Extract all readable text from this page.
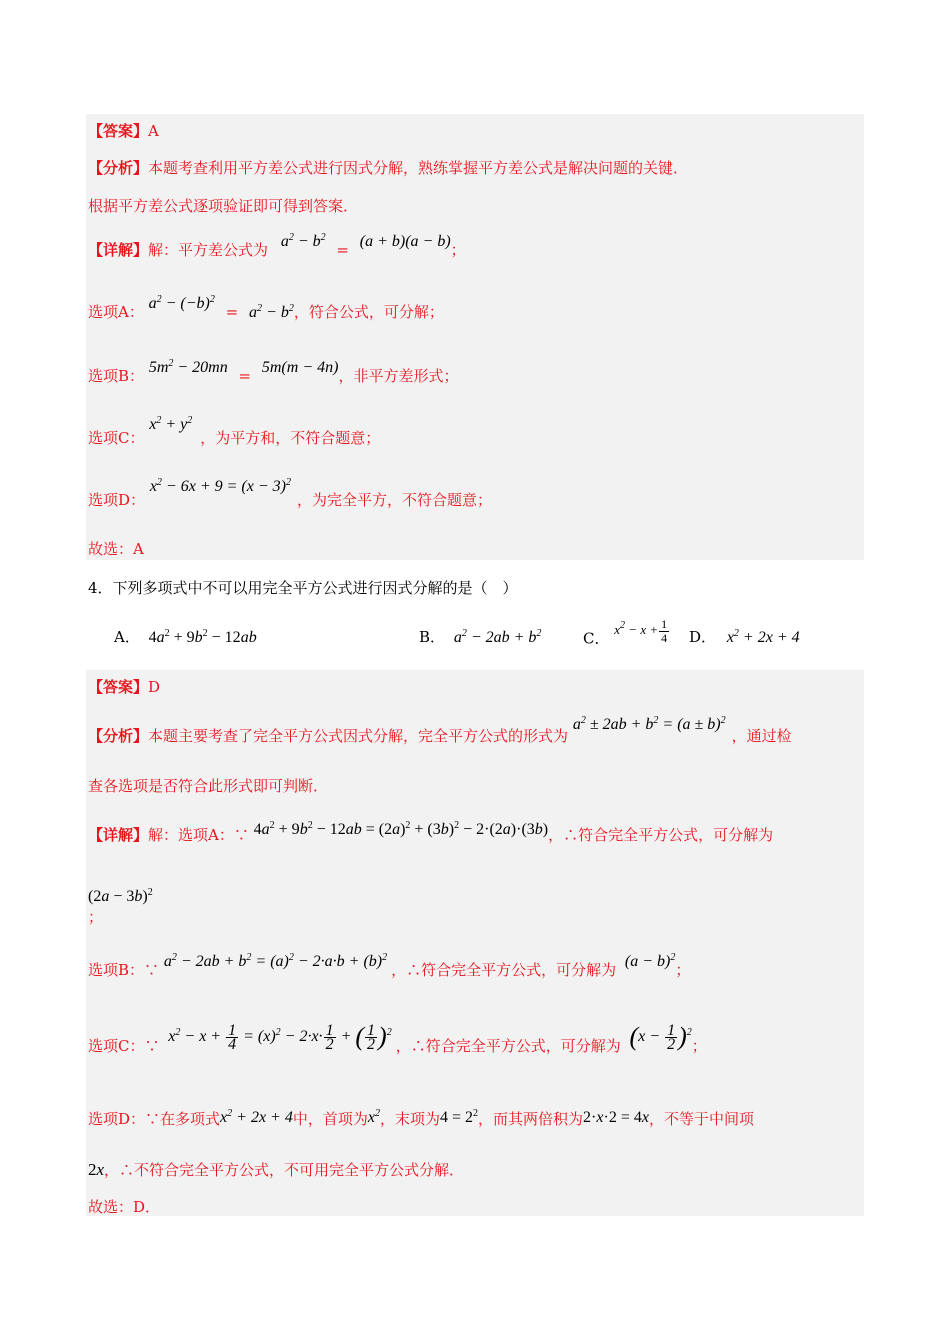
【答案】A
【分析】本题考查利用平方差公式进行因式分解，熟练掌握平方差公式是解决问题的关键．
根据平方差公式逐项验证即可得到答案．
【详解】解：平方差公式为 $a^2 - b^2 = (a + b)(a - b)$；
选项A： $a^2 - (-b)^2 = a^2 - b^2$，符合公式，可分解；
选项B： $5m^2 - 20mn = 5m(m - 4n)$，非平方差形式；
选项C： $x^2 + y^2$，为平方和，不符合题意；
选项D： $x^2 - 6x + 9 = (x - 3)^2$，为完全平方，不符合题意；
故选：A
4．下列多项式中不可以用完全平方公式进行因式分解的是（　）
A． $4a^2 + 9b^2 - 12ab$	B． $a^2 - 2ab + b^2$	C． $x^2 - x + \frac{1}{4}$ D． $x^2 + 2x + 4$
【答案】D
【分析】本题主要考查了完全平方公式因式分解，完全平方公式的形式为 $a^2 \pm 2ab + b^2 = (a \pm b)^2$，通过检
查各选项是否符合此形式即可判断．
【详解】解：选项A：∵ $4a^2 + 9b^2 - 12ab = (2a)^2 + (3b)^2 - 2\cdot(2a)\cdot(3b)$，∴符合完全平方公式，可分解为
$(2a - 3b)^2$
；
选项B：∵ $a^2 - 2ab + b^2 = (a)^2 - 2\cdot a\cdot b + (b)^2$，∴符合完全平方公式，可分解为 $(a - b)^2$；
选项C：∵ $x^2 - x + \frac{1}{4} = (x)^2 - 2\cdot x\cdot \frac{1}{2}$ + ( $\frac{1}{2} )^2$，∴符合完全平方公式，可分解为 $(x - \frac{1}{2} )^2$；
选项D：∵在多项式$x^2 + 2x + 4$中，首项为$x^2$，末项为$4 = 2^2$，而其两倍积为2·x·2 = 4x，不等于中间项
2x，∴不符合完全平方公式，不可用完全平方公式分解．
故选：D．
